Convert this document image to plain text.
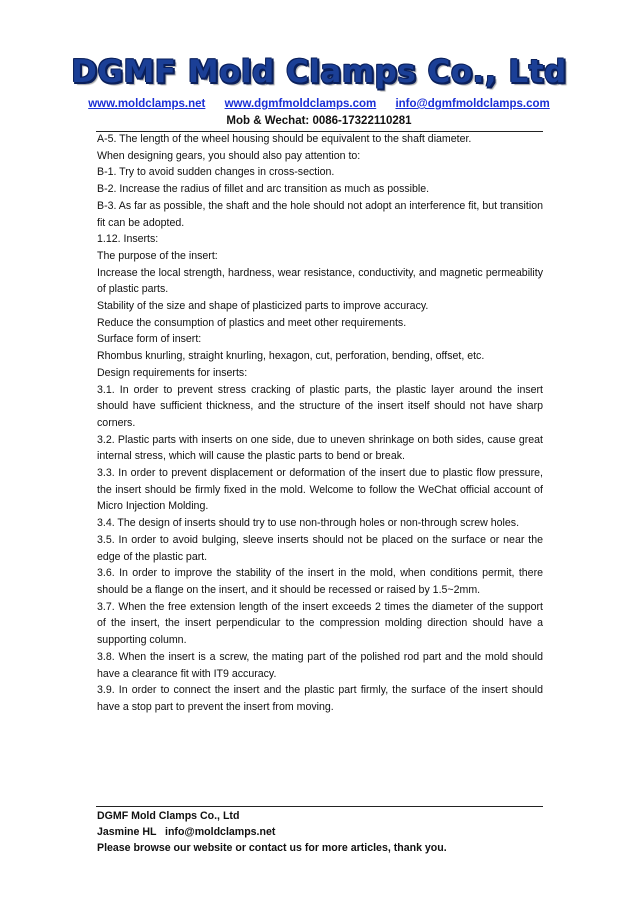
DGMF Mold Clamps Co., Ltd
www.moldclamps.net www.dgmfmoldclamps.com info@dgmfmoldclamps.com
Mob & Wechat: 0086-17322110281

A-5. The length of the wheel housing should be equivalent to the shaft diameter.

When designing gears, you should also pay attention to:

B-1. Try to avoid sudden changes in cross-section.

B-2. Increase the radius of fillet and arc transition as much as possible.

B-3. As far as possible, the shaft and the hole should not adopt an interference fit, but transition fit can be adopted.

1.12. Inserts:

The purpose of the insert:

Increase the local strength, hardness, wear resistance, conductivity, and magnetic permeability of plastic parts.

Stability of the size and shape of plasticized parts to improve accuracy.

Reduce the consumption of plastics and meet other requirements.

Surface form of insert:

Rhombus knurling, straight knurling, hexagon, cut, perforation, bending, offset, etc.

Design requirements for inserts:

3.1. In order to prevent stress cracking of plastic parts, the plastic layer around the insert should have sufficient thickness, and the structure of the insert itself should not have sharp corners.

3.2. Plastic parts with inserts on one side, due to uneven shrinkage on both sides, cause great internal stress, which will cause the plastic parts to bend or break.

3.3. In order to prevent displacement or deformation of the insert due to plastic flow pressure, the insert should be firmly fixed in the mold. Welcome to follow the WeChat official account of Micro Injection Molding.

3.4. The design of inserts should try to use non-through holes or non-through screw holes.

3.5. In order to avoid bulging, sleeve inserts should not be placed on the surface or near the edge of the plastic part.

3.6. In order to improve the stability of the insert in the mold, when conditions permit, there should be a flange on the insert, and it should be recessed or raised by 1.5~2mm.

3.7. When the free extension length of the insert exceeds 2 times the diameter of the support of the insert, the insert perpendicular to the compression molding direction should have a supporting column.

3.8. When the insert is a screw, the mating part of the polished rod part and the mold should have a clearance fit with IT9 accuracy.

3.9. In order to connect the insert and the plastic part firmly, the surface of the insert should have a stop part to prevent the insert from moving.

DGMF Mold Clamps Co., Ltd
Jasmine HL info@moldclamps.net
Please browse our website or contact us for more articles, thank you.
